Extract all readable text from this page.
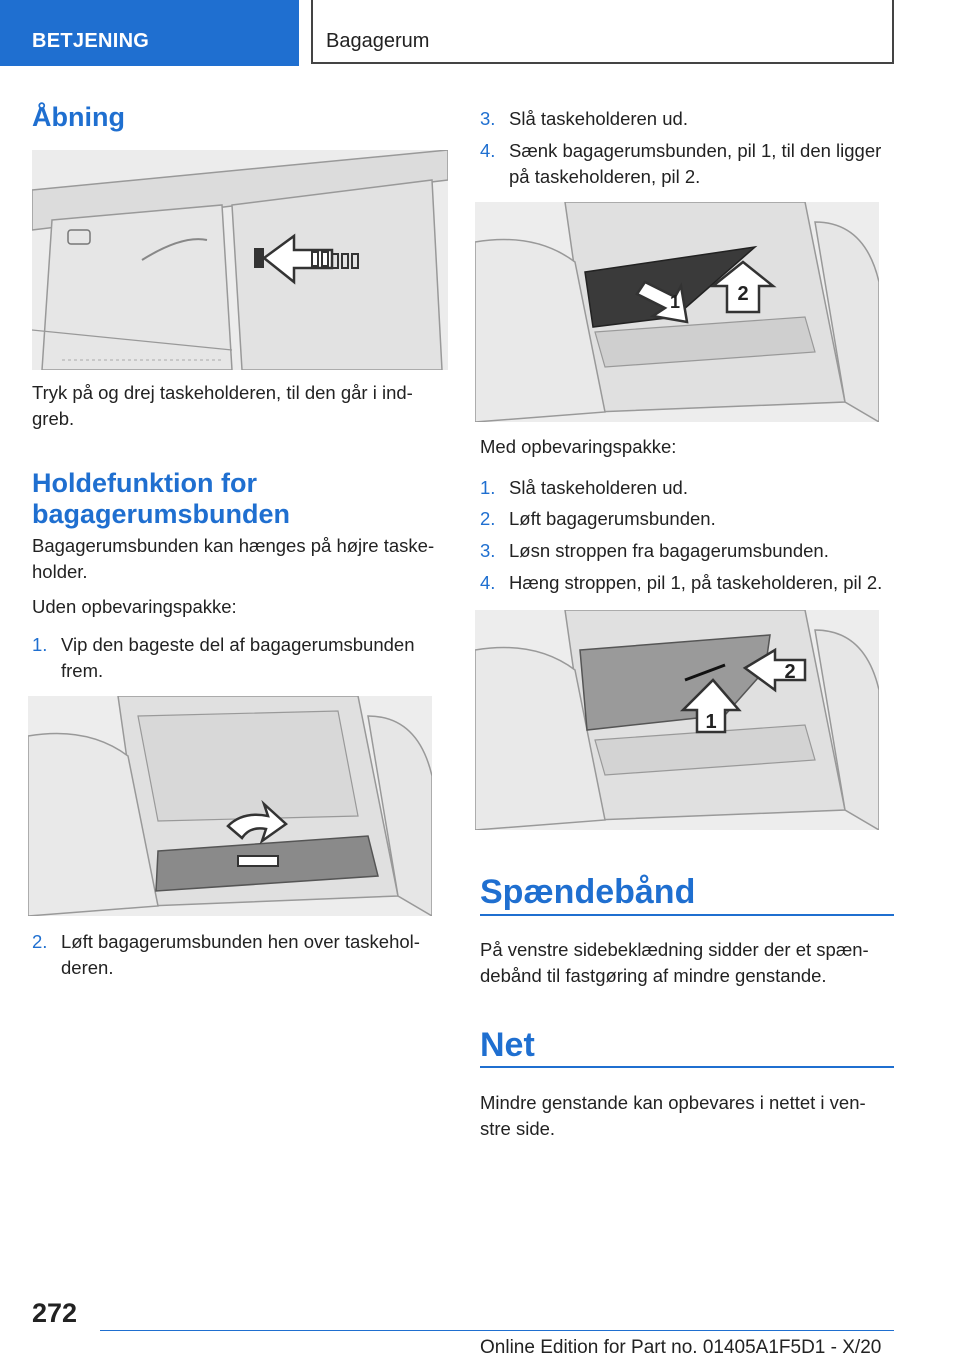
BETJENING	Bagagerum
Åbning
Tryk på og drej taskeholderen, til den går i ind-
greb.
Holdefunktion for
bagagerumsbunden
Bagagerumsbunden kan hænges på højre taske-
holder.
Uden opbevaringspakke:
1. Vip den bageste del af bagagerumsbunden
frem.
2. Løft bagagerumsbunden hen over taskehol-
deren.
3. Slå taskeholderen ud.
4. Sænk bagagerumsbunden, pil 1, til den ligger
på taskeholderen, pil 2.
2
1
Med opbevaringspakke:
1. Slå taskeholderen ud.
2. Løft bagagerumsbunden.
3. Løsn stroppen fra bagagerumsbunden.
4. Hæng stroppen, pil 1, på taskeholderen, pil 2.
2
1
Spændebånd
På venstre sidebeklædning sidder der et spæn-
debånd til fastgøring af mindre genstande.
Net
Mindre genstande kan opbevares i nettet i ven-
stre side.
272
Online Edition for Part no. 01405A1F5D1 - X/20
